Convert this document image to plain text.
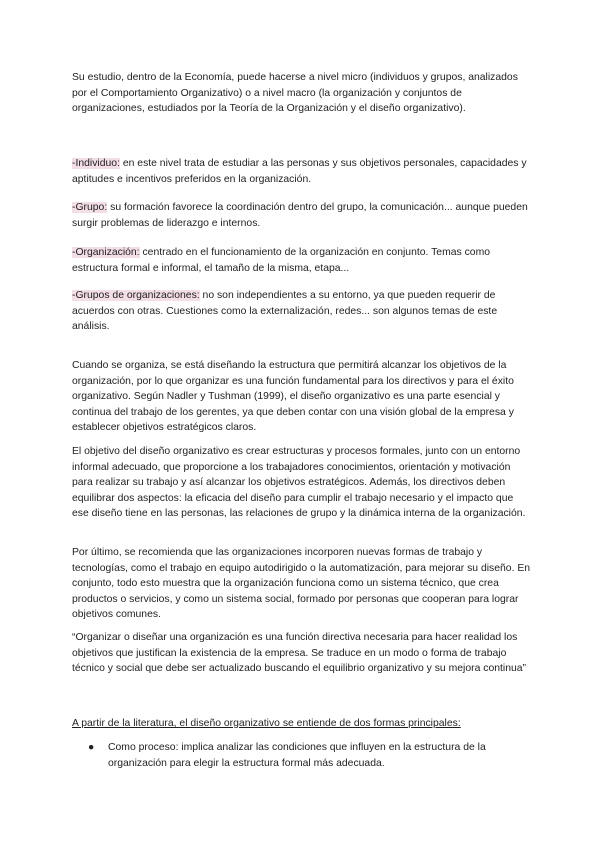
Su estudio, dentro de la Economía, puede hacerse a nivel micro (individuos y grupos, analizados por el Comportamiento Organizativo) o a nivel macro (la organización y conjuntos de organizaciones, estudiados por la Teoría de la Organización y el diseño organizativo).

-Individuo: en este nivel trata de estudiar a las personas y sus objetivos personales, capacidades y aptitudes e incentivos preferidos en la organización.

-Grupo: su formación favorece la coordinación dentro del grupo, la comunicación... aunque pueden surgir problemas de liderazgo e internos.

-Organización: centrado en el funcionamiento de la organización en conjunto. Temas como estructura formal e informal, el tamaño de la misma, etapa...

-Grupos de organizaciones: no son independientes a su entorno, ya que pueden requerir de acuerdos con otras. Cuestiones como la externalización, redes... son algunos temas de este análisis.

Cuando se organiza, se está diseñando la estructura que permitirá alcanzar los objetivos de la organización, por lo que organizar es una función fundamental para los directivos y para el éxito organizativo. Según Nadler y Tushman (1999), el diseño organizativo es una parte esencial y continua del trabajo de los gerentes, ya que deben contar con una visión global de la empresa y establecer objetivos estratégicos claros.

El objetivo del diseño organizativo es crear estructuras y procesos formales, junto con un entorno informal adecuado, que proporcione a los trabajadores conocimientos, orientación y motivación para realizar su trabajo y así alcanzar los objetivos estratégicos. Además, los directivos deben equilibrar dos aspectos: la eficacia del diseño para cumplir el trabajo necesario y el impacto que ese diseño tiene en las personas, las relaciones de grupo y la dinámica interna de la organización.

Por último, se recomienda que las organizaciones incorporen nuevas formas de trabajo y tecnologías, como el trabajo en equipo autodirigido o la automatización, para mejorar su diseño. En conjunto, todo esto muestra que la organización funciona como un sistema técnico, que crea productos o servicios, y como un sistema social, formado por personas que cooperan para lograr objetivos comunes.

“Organizar o diseñar una organización es una función directiva necesaria para hacer realidad los objetivos que justifican la existencia de la empresa. Se traduce en un modo o forma de trabajo técnico y social que debe ser actualizado buscando el equilibrio organizativo y su mejora continua”

A partir de la literatura, el diseño organizativo se entiende de dos formas principales:

● Como proceso: implica analizar las condiciones que influyen en la estructura de la organización para elegir la estructura formal más adecuada.
